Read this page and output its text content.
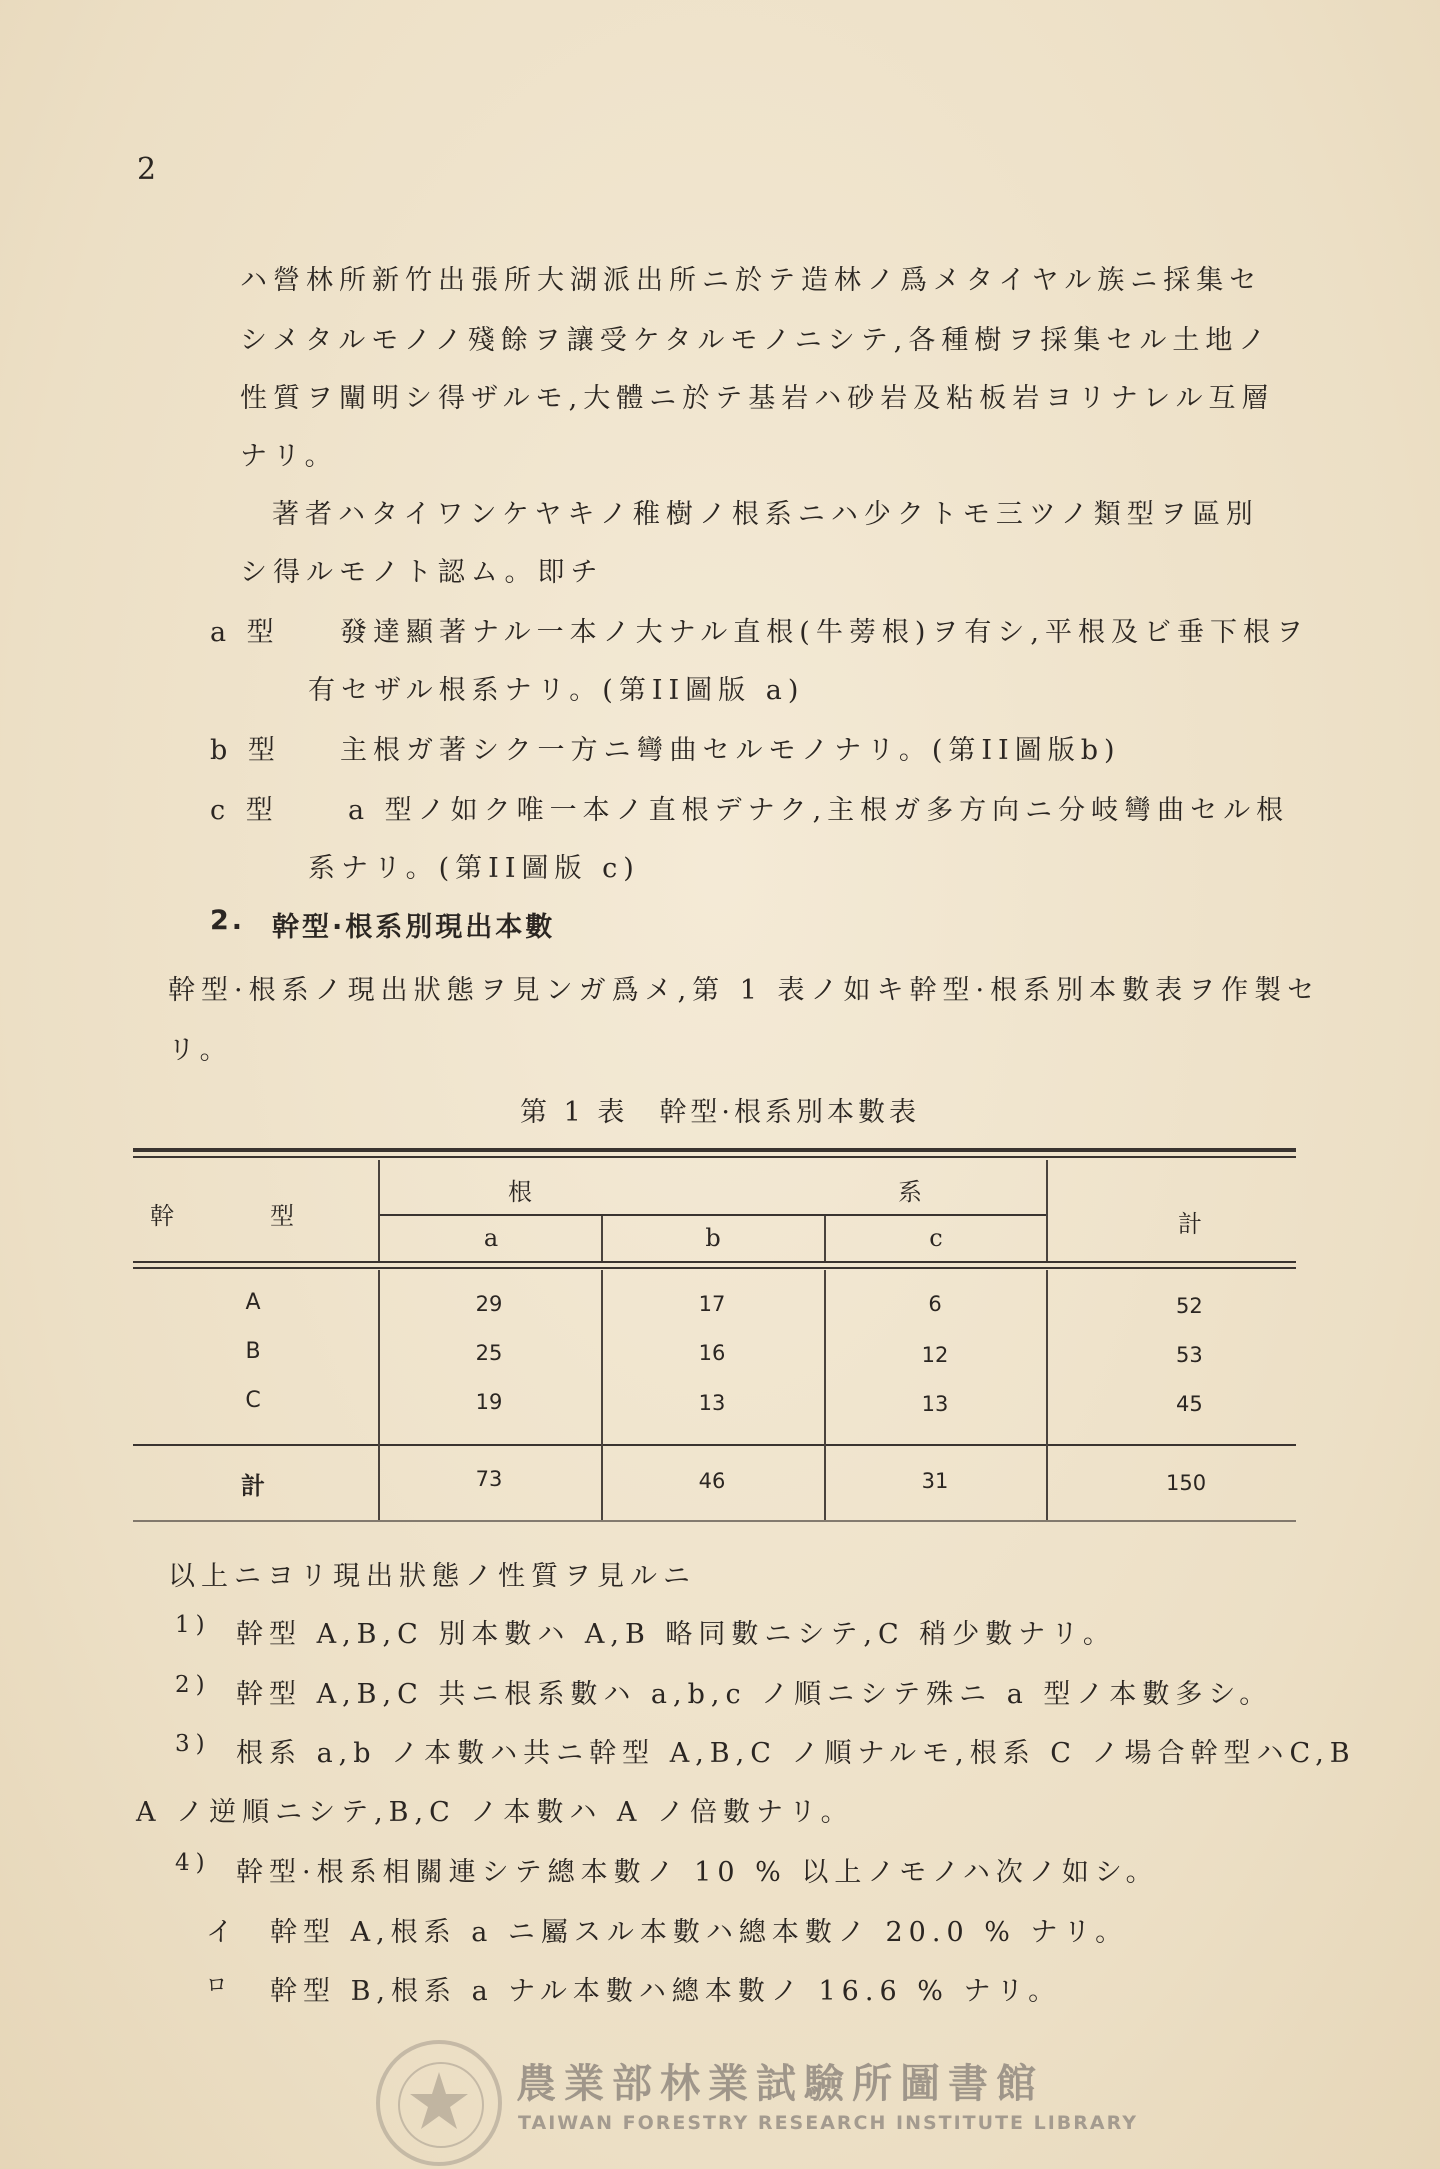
2
ハ營林所新竹出張所大湖派出所ニ於テ造林ノ爲メタイヤル族ニ採集セ
シメタルモノノ殘餘ヲ讓受ケタルモノニシテ,各種樹ヲ採集セル土地ノ
性質ヲ闡明シ得ザルモ,大體ニ於テ基岩ハ砂岩及粘板岩ヨリナレル互層
ナリ。
著者ハタイワンケヤキノ稚樹ノ根系ニハ少クトモ三ツノ類型ヲ區別
シ得ルモノト認ム。即チ
a 型 發達顯著ナル一本ノ大ナル直根(牛蒡根)ヲ有シ,平根及ビ垂下根ヲ
有セザル根系ナリ。(第II圖版 a)
b 型 主根ガ著シク一方ニ彎曲セルモノナリ。(第II圖版b)
c 型	a 型ノ如ク唯一本ノ直根デナク,主根ガ多方向ニ分岐彎曲セル根
系ナリ。(第II圖版 c)
2. 幹型·根系別現出本數
幹型·根系ノ現出狀態ヲ見ンガ爲メ,第 1 表ノ如キ幹型·根系別本數表ヲ作製セ
リ。
第 1 表　幹型·根系別本數表
幹　　　型
根	系
計
a	b	c
A	29	17	6	52
B	25	16	12	53
C	19	13	13	45
計	73	46	31	150
以上ニヨリ現出狀態ノ性質ヲ見ルニ
1) 幹型 A,B,C 別本數ハ A,B 略同數ニシテ,C 稍少數ナリ。
2) 幹型 A,B,C 共ニ根系數ハ a,b,c ノ順ニシテ殊ニ a 型ノ本數多シ。
3) 根系 a,b ノ本數ハ共ニ幹型 A,B,C ノ順ナルモ,根系 C ノ場合幹型ハC,B
A ノ逆順ニシテ,B,C ノ本數ハ A ノ倍數ナリ。
4) 幹型·根系相關連シテ總本數ノ 10 % 以上ノモノハ次ノ如シ。
イ 幹型 A,根系 a ニ屬スル本數ハ總本數ノ 20.0 % ナリ。
ロ 幹型 B,根系 a ナル本數ハ總本數ノ 16.6 % ナリ。
農業部林業試驗所圖書館
TAIWAN FORESTRY RESEARCH INSTITUTE LIBRARY
